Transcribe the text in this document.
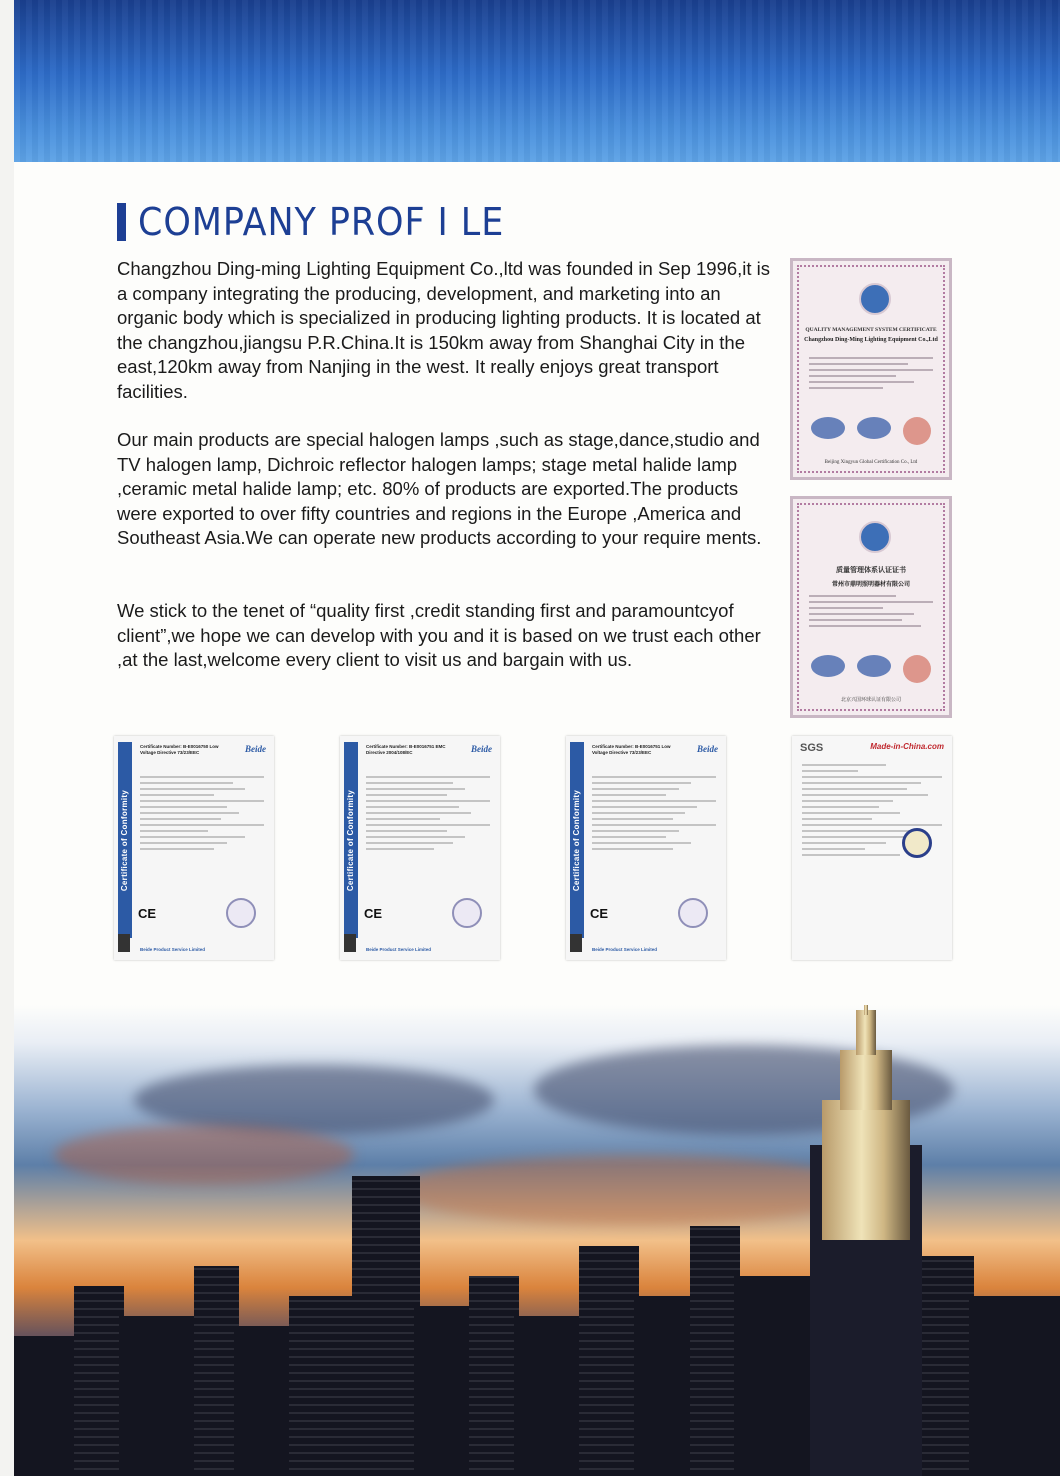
COMPANY PROF I LE
Changzhou Ding-ming Lighting Equipment Co.,ltd was founded in Sep 1996,it is a company integrating the producing, development, and marketing into an organic body which is specialized in producing lighting products. It is located at the changzhou,jiangsu P.R.China.It is 150km away from Shanghai City in the east,120km away from Nanjing in the west. It really enjoys great transport facilities.
Our main products are special halogen lamps ,such as stage,dance,studio and TV halogen lamp, Dichroic reflector halogen lamps; stage metal halide lamp ,ceramic metal halide lamp; etc. 80% of products are exported.The products were exported to over fifty countries and regions in the Europe ,America and Southeast Asia.We can operate new products according to your require ments.
We stick to the tenet of “quality first ,credit standing first and paramountcyof client”,we hope we can develop with you and it is based on we trust each other ,at the last,welcome every client to visit us and bargain with us.
QUALITY MANAGEMENT SYSTEM CERTIFICATE
Changzhou Ding-Ming Lighting Equipment Co.,Ltd
Beijing Xingyun Global Certification Co., Ltd
质量管理体系认证证书
常州市鼎明照明器材有限公司
北京兴国环球认证有限公司
Certificate of Conformity
Certificate Number: B-E0016750 Low Voltage Directive 73/23/EEC	Beide
CE
Beide Product Service Limited
Certificate of Conformity
Certificate Number: B-E0016751 EMC Directive 2004/108/EC	Beide
CE
Beide Product Service Limited
Certificate of Conformity
Certificate Number: B-E0016751 Low Voltage Directive 73/23/EEC	Beide
CE
Beide Product Service Limited
SGS	Made-in-China.com
